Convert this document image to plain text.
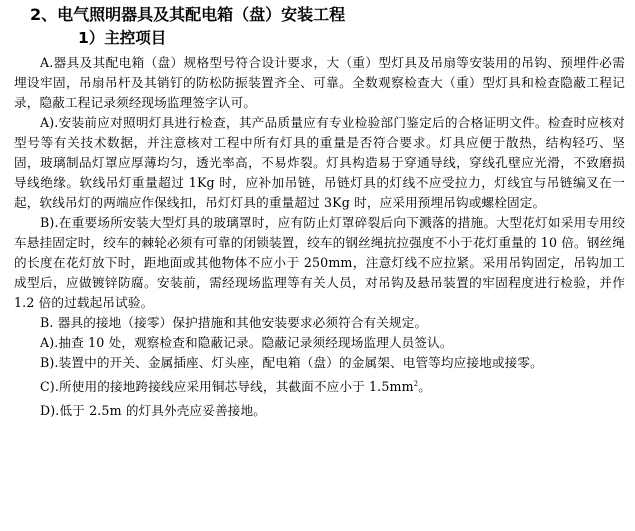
2、电气照明器具及其配电箱（盘）安装工程
1）主控项目

A.器具及其配电箱（盘）规格型号符合设计要求，大（重）型灯具及吊扇等安装用的吊钩、预埋件必需埋设牢固，吊扇吊杆及其销钉的防松防振装置齐全、可靠。全数观察检查大（重）型灯具和检查隐蔽工程记录，隐蔽工程记录须经现场监理签字认可。

A).安装前应对照明灯具进行检查，其产品质量应有专业检验部门鉴定后的合格证明文件。检查时应核对型号等有关技术数据，并注意核对工程中所有灯具的重量是否符合要求。灯具应便于散热，结构轻巧、坚固，玻璃制品灯罩应厚薄均匀，透光率高，不易炸裂。灯具构造易于穿通导线，穿线孔壁应光滑，不致磨损导线绝缘。软线吊灯重量超过 1Kg 时，应补加吊链，吊链灯具的灯线不应受拉力，灯线宜与吊链编叉在一起，软线吊灯的两端应作保线扣，吊灯灯具的重量超过 3Kg 时，应采用预埋吊钩或螺栓固定。

B).在重要场所安装大型灯具的玻璃罩时，应有防止灯罩碎裂后向下溅落的措施。大型花灯如采用专用绞车悬挂固定时，绞车的棘轮必须有可靠的闭锁装置，绞车的钢丝绳抗拉强度不小于花灯重量的 10 倍。钢丝绳的长度在花灯放下时，距地面或其他物体不应小于 250mm，注意灯线不应拉紧。采用吊钩固定，吊钩加工成型后，应做镀锌防腐。安装前，需经现场监理等有关人员，对吊钩及悬吊装置的牢固程度进行检验，并作 1.2 倍的过载起吊试验。

B. 器具的接地（接零）保护措施和其他安装要求必须符合有关规定。

A).抽查 10 处，观察检查和隐蔽记录。隐蔽记录须经现场监理人员签认。

B).装置中的开关、金属插座、灯头座，配电箱（盘）的金属架、电管等均应接地或接零。

C).所使用的接地跨接线应采用铜芯导线，其截面不应小于 $1.5mm^2$。

D).低于 2.5m 的灯具外壳应妥善接地。
